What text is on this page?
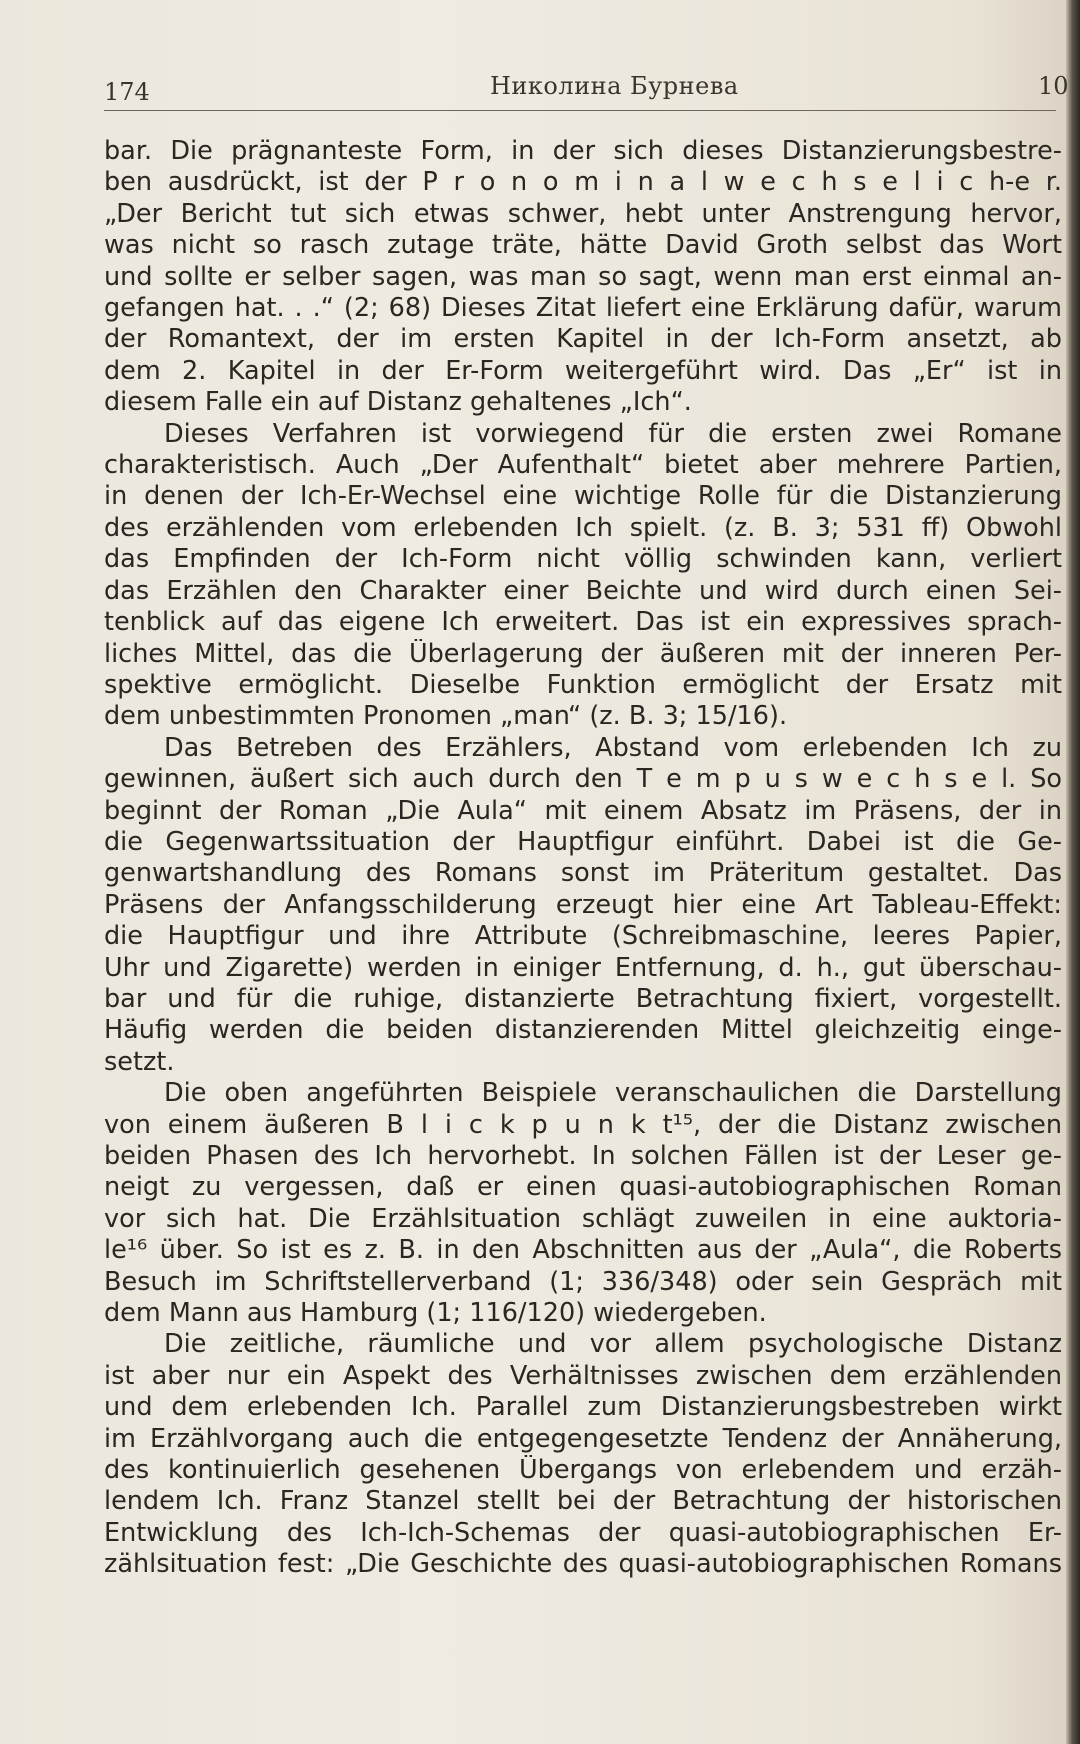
174	Николина Бурнева	10
bar. Die prägnanteste Form, in der sich dieses Distanzierungsbestre-
ben ausdrückt, ist der P r o n o m i n a l w e c h s e l i c h-e r.
„Der Bericht tut sich etwas schwer, hebt unter Anstrengung hervor,
was nicht so rasch zutage träte, hätte David Groth selbst das Wort
und sollte er selber sagen, was man so sagt, wenn man erst einmal an-
gefangen hat. . .“ (2; 68) Dieses Zitat liefert eine Erklärung dafür, warum
der Romantext, der im ersten Kapitel in der Ich-Form ansetzt, ab
dem 2. Kapitel in der Er-Form weitergeführt wird. Das „Er“ ist in
diesem Falle ein auf Distanz gehaltenes „Ich“.
Dieses Verfahren ist vorwiegend für die ersten zwei Romane
charakteristisch. Auch „Der Aufenthalt“ bietet aber mehrere Partien,
in denen der Ich-Er-Wechsel eine wichtige Rolle für die Distanzierung
des erzählenden vom erlebenden Ich spielt. (z. B. 3; 531 ff) Obwohl
das Empfinden der Ich-Form nicht völlig schwinden kann, verliert
das Erzählen den Charakter einer Beichte und wird durch einen Sei-
tenblick auf das eigene Ich erweitert. Das ist ein expressives sprach-
liches Mittel, das die Überlagerung der äußeren mit der inneren Per-
spektive ermöglicht. Dieselbe Funktion ermöglicht der Ersatz mit
dem unbestimmten Pronomen „man“ (z. B. 3; 15/16).
Das Betreben des Erzählers, Abstand vom erlebenden Ich zu
gewinnen, äußert sich auch durch den T e m p u s w e c h s e l. So
beginnt der Roman „Die Aula“ mit einem Absatz im Präsens, der in
die Gegenwartssituation der Hauptfigur einführt. Dabei ist die Ge-
genwartshandlung des Romans sonst im Präteritum gestaltet. Das
Präsens der Anfangsschilderung erzeugt hier eine Art Tableau-Effekt:
die Hauptfigur und ihre Attribute (Schreibmaschine, leeres Papier,
Uhr und Zigarette) werden in einiger Entfernung, d. h., gut überschau-
bar und für die ruhige, distanzierte Betrachtung fixiert, vorgestellt.
Häufig werden die beiden distanzierenden Mittel gleichzeitig einge-
setzt.
Die oben angeführten Beispiele veranschaulichen die Darstellung
von einem äußeren B l i c k p u n k t¹⁵, der die Distanz zwischen
beiden Phasen des Ich hervorhebt. In solchen Fällen ist der Leser ge-
neigt zu vergessen, daß er einen quasi-autobiographischen Roman
vor sich hat. Die Erzählsituation schlägt zuweilen in eine auktoria-
le¹⁶ über. So ist es z. B. in den Abschnitten aus der „Aula“, die Roberts
Besuch im Schriftstellerverband (1; 336/348) oder sein Gespräch mit
dem Mann aus Hamburg (1; 116/120) wiedergeben.
Die zeitliche, räumliche und vor allem psychologische Distanz
ist aber nur ein Aspekt des Verhältnisses zwischen dem erzählenden
und dem erlebenden Ich. Parallel zum Distanzierungsbestreben wirkt
im Erzählvorgang auch die entgegengesetzte Tendenz der Annäherung,
des kontinuierlich gesehenen Übergangs von erlebendem und erzäh-
lendem Ich. Franz Stanzel stellt bei der Betrachtung der historischen
Entwicklung des Ich-Ich-Schemas der quasi-autobiographischen Er-
zählsituation fest: „Die Geschichte des quasi-autobiographischen Romans
